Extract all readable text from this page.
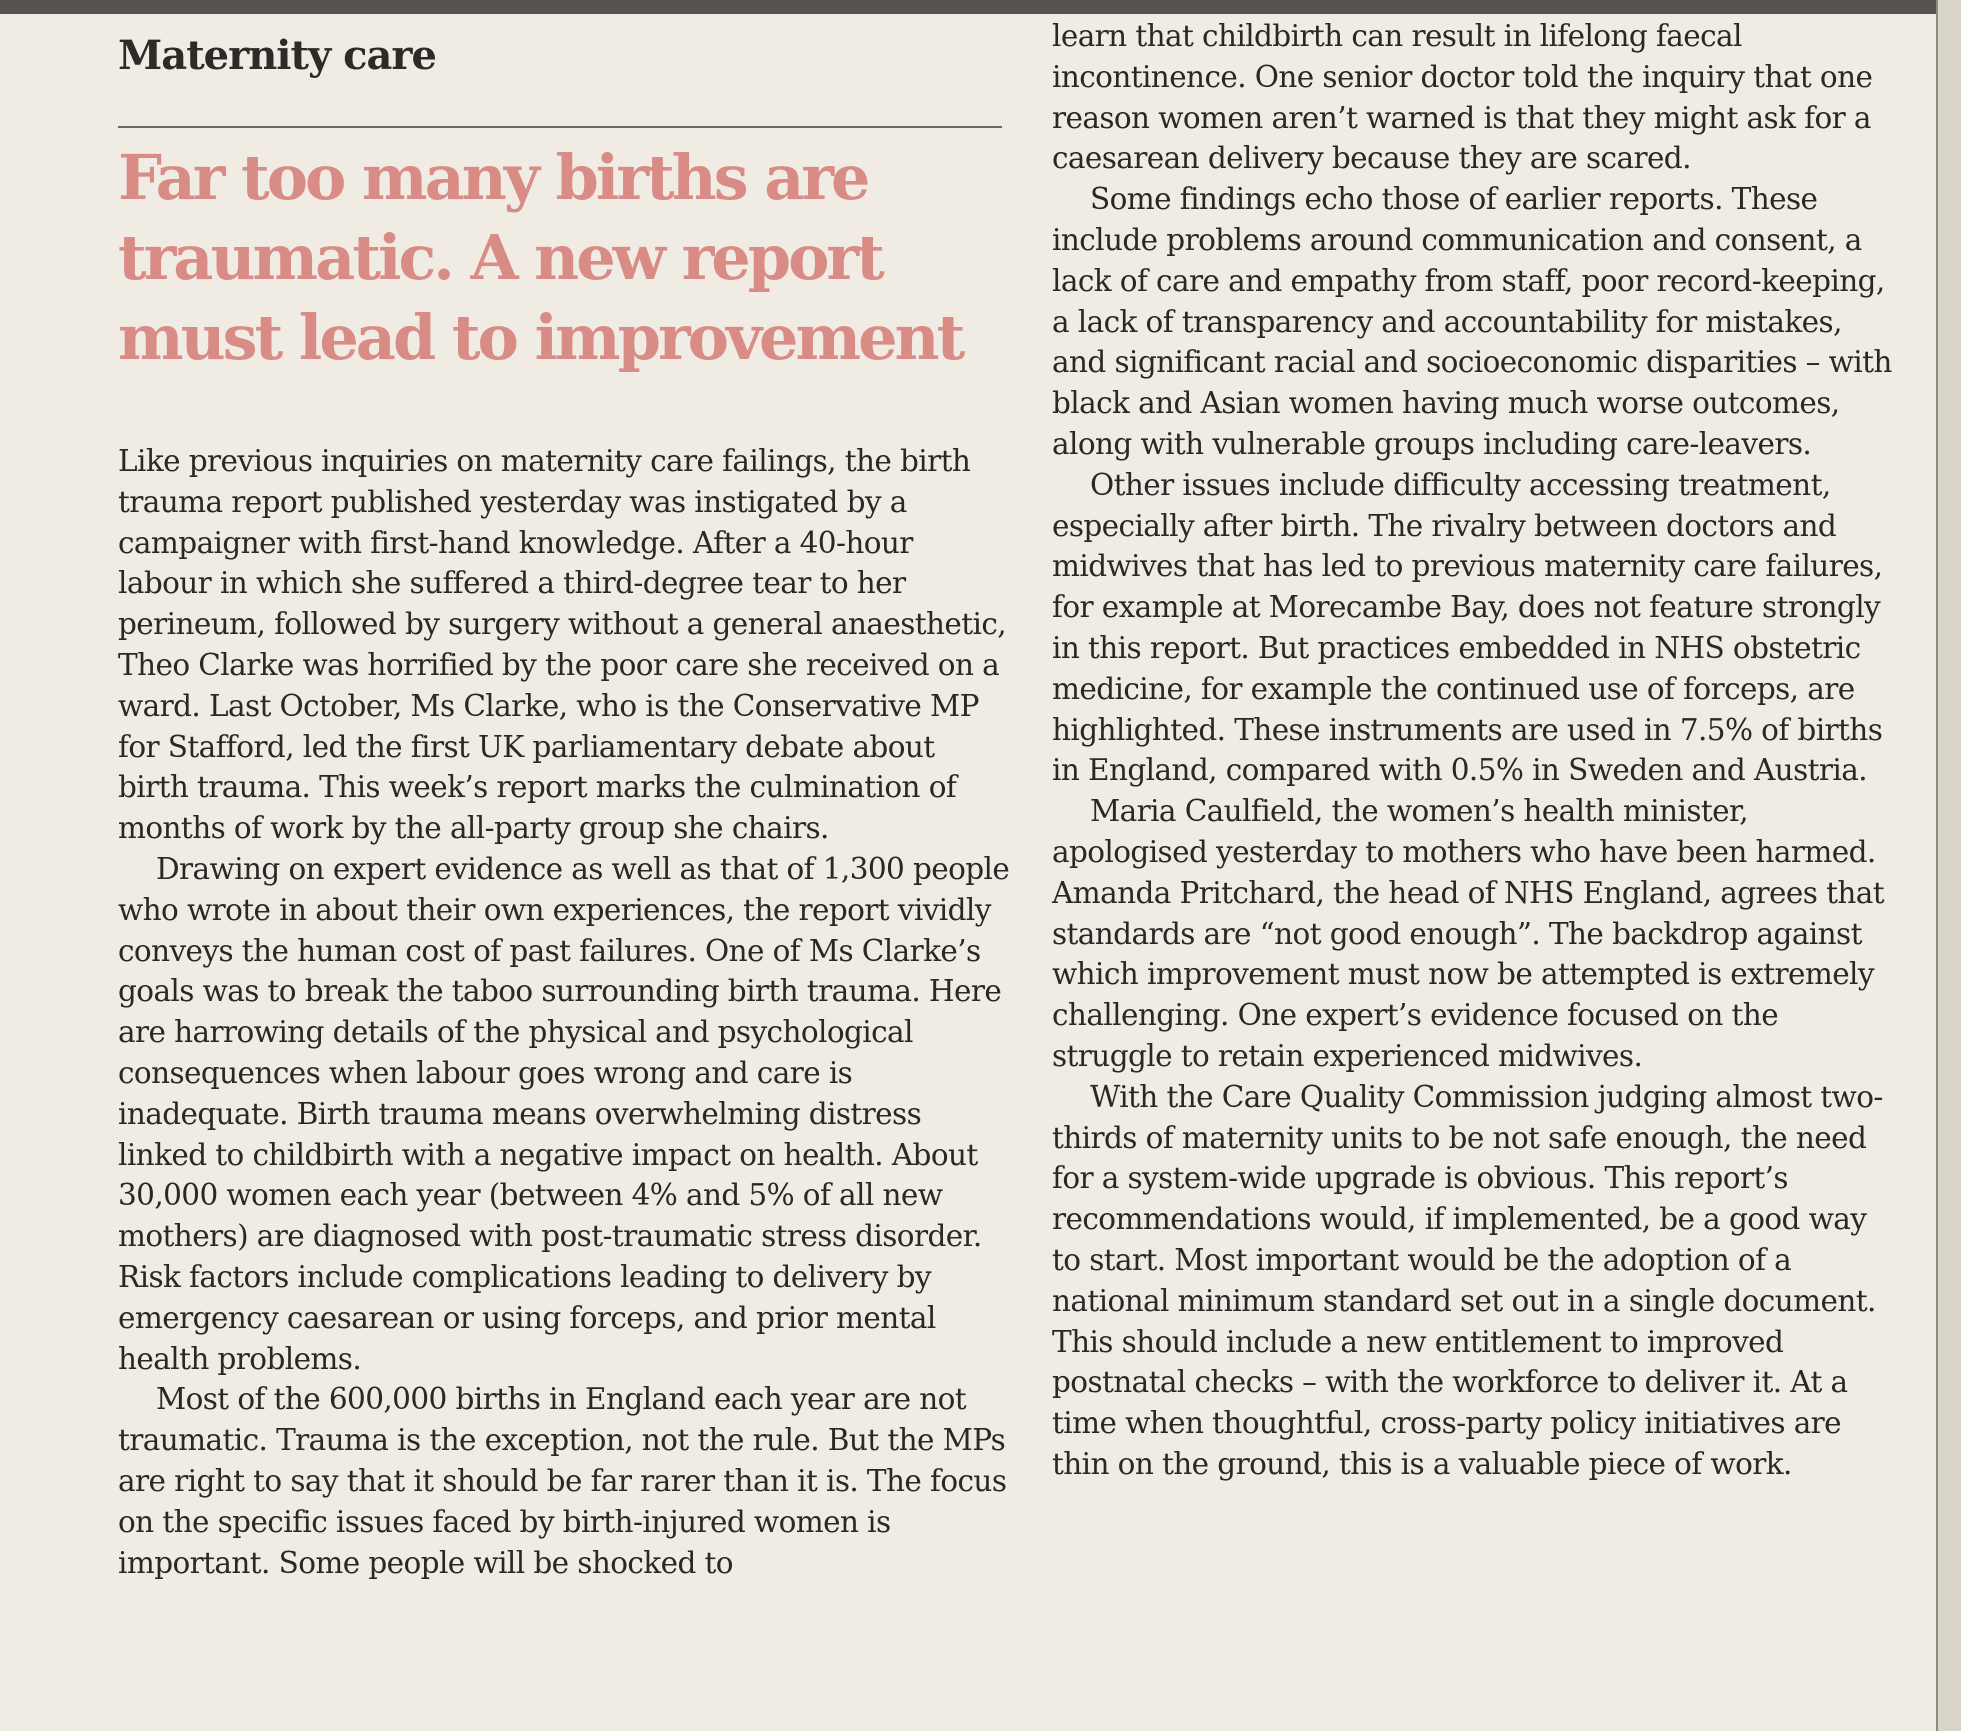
Maternity care
Far too many births are traumatic. A new report must lead to improvement

Like previous inquiries on maternity care failings, the birth trauma report published yesterday was instigated by a campaigner with first-hand knowledge. After a 40-hour labour in which she suffered a third-degree tear to her perineum, followed by surgery without a general anaesthetic, Theo Clarke was horrified by the poor care she received on a ward. Last October, Ms Clarke, who is the Conservative MP for Stafford, led the first UK parliamentary debate about birth trauma. This week’s report marks the culmination of months of work by the all-party group she chairs.

Drawing on expert evidence as well as that of 1,300 people who wrote in about their own experiences, the report vividly conveys the human cost of past failures. One of Ms Clarke’s goals was to break the taboo surrounding birth trauma. Here are harrowing details of the physical and psychological consequences when labour goes wrong and care is inadequate. Birth trauma means overwhelming distress linked to childbirth with a negative impact on health. About 30,000 women each year (between 4% and 5% of all new mothers) are diagnosed with post-traumatic stress disorder. Risk factors include complications leading to delivery by emergency caesarean or using forceps, and prior mental health problems.

Most of the 600,000 births in England each year are not traumatic. Trauma is the exception, not the rule. But the MPs are right to say that it should be far rarer than it is. The focus on the specific issues faced by birth-injured women is important. Some people will be shocked to

learn that childbirth can result in lifelong faecal incontinence. One senior doctor told the inquiry that one reason women aren’t warned is that they might ask for a caesarean delivery because they are scared.

Some findings echo those of earlier reports. These include problems around communication and consent, a lack of care and empathy from staff, poor record-keeping, a lack of transparency and accountability for mistakes, and significant racial and socioeconomic disparities – with black and Asian women having much worse outcomes, along with vulnerable groups including care-leavers.

Other issues include difficulty accessing treatment, especially after birth. The rivalry between doctors and midwives that has led to previous maternity care failures, for example at Morecambe Bay, does not feature strongly in this report. But practices embedded in NHS obstetric medicine, for example the continued use of forceps, are highlighted. These instruments are used in 7.5% of births in England, compared with 0.5% in Sweden and Austria.

Maria Caulfield, the women’s health minister, apologised yesterday to mothers who have been harmed. Amanda Pritchard, the head of NHS England, agrees that standards are “not good enough”. The backdrop against which improvement must now be attempted is extremely challenging. One expert’s evidence focused on the struggle to retain experienced midwives.

With the Care Quality Commission judging almost two-thirds of maternity units to be not safe enough, the need for a system-wide upgrade is obvious. This report’s recommendations would, if implemented, be a good way to start. Most important would be the adoption of a national minimum standard set out in a single document. This should include a new entitlement to improved postnatal checks – with the workforce to deliver it. At a time when thoughtful, cross-party policy initiatives are thin on the ground, this is a valuable piece of work.
